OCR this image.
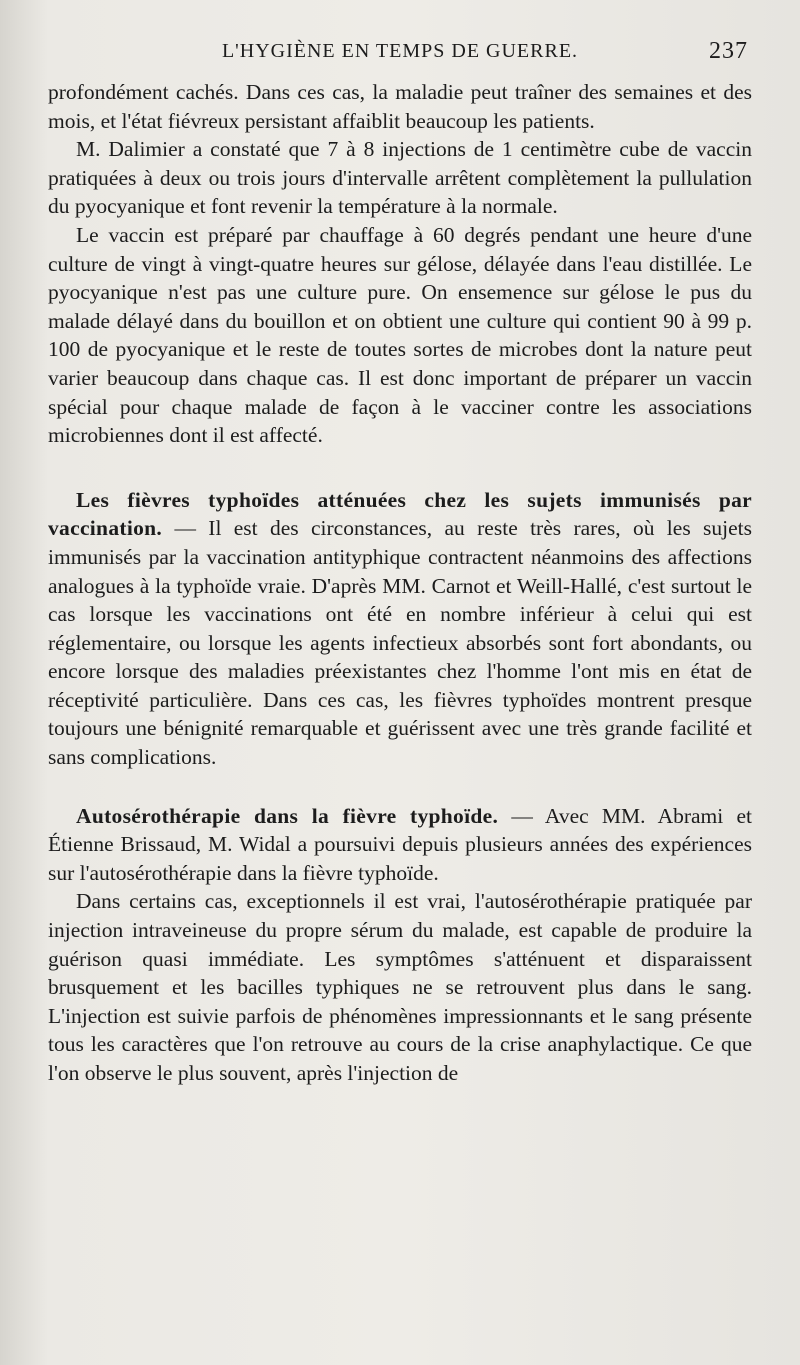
L'HYGIÈNE EN TEMPS DE GUERRE.	237

profondément cachés. Dans ces cas, la maladie peut traîner des semaines et des mois, et l'état fiévreux persistant affaiblit beaucoup les patients.

M. Dalimier a constaté que 7 à 8 injections de 1 centimètre cube de vaccin pratiquées à deux ou trois jours d'intervalle arrêtent complètement la pullulation du pyocyanique et font revenir la température à la normale.

Le vaccin est préparé par chauffage à 60 degrés pendant une heure d'une culture de vingt à vingt-quatre heures sur gélose, délayée dans l'eau distillée. Le pyocyanique n'est pas une culture pure. On ensemence sur gélose le pus du malade délayé dans du bouillon et on obtient une culture qui contient 90 à 99 p. 100 de pyocyanique et le reste de toutes sortes de microbes dont la nature peut varier beaucoup dans chaque cas. Il est donc important de préparer un vaccin spécial pour chaque malade de façon à le vacciner contre les associations microbiennes dont il est affecté.

Les fièvres typhoïdes atténuées chez les sujets immunisés par vaccination. — Il est des circonstances, au reste très rares, où les sujets immunisés par la vaccination antityphique contractent néanmoins des affections analogues à la typhoïde vraie. D'après MM. Carnot et Weill-Hallé, c'est surtout le cas lorsque les vaccinations ont été en nombre inférieur à celui qui est réglementaire, ou lorsque les agents infectieux absorbés sont fort abondants, ou encore lorsque des maladies préexistantes chez l'homme l'ont mis en état de réceptivité particulière. Dans ces cas, les fièvres typhoïdes montrent presque toujours une bénignité remarquable et guérissent avec une très grande facilité et sans complications.

Autosérothérapie dans la fièvre typhoïde. — Avec MM. Abrami et Étienne Brissaud, M. Widal a poursuivi depuis plusieurs années des expériences sur l'autosérothérapie dans la fièvre typhoïde.

Dans certains cas, exceptionnels il est vrai, l'autosérothérapie pratiquée par injection intraveineuse du propre sérum du malade, est capable de produire la guérison quasi immédiate. Les symptômes s'atténuent et disparaissent brusquement et les bacilles typhiques ne se retrouvent plus dans le sang. L'injection est suivie parfois de phénomènes impressionnants et le sang présente tous les caractères que l'on retrouve au cours de la crise anaphylactique. Ce que l'on observe le plus souvent, après l'injection de
